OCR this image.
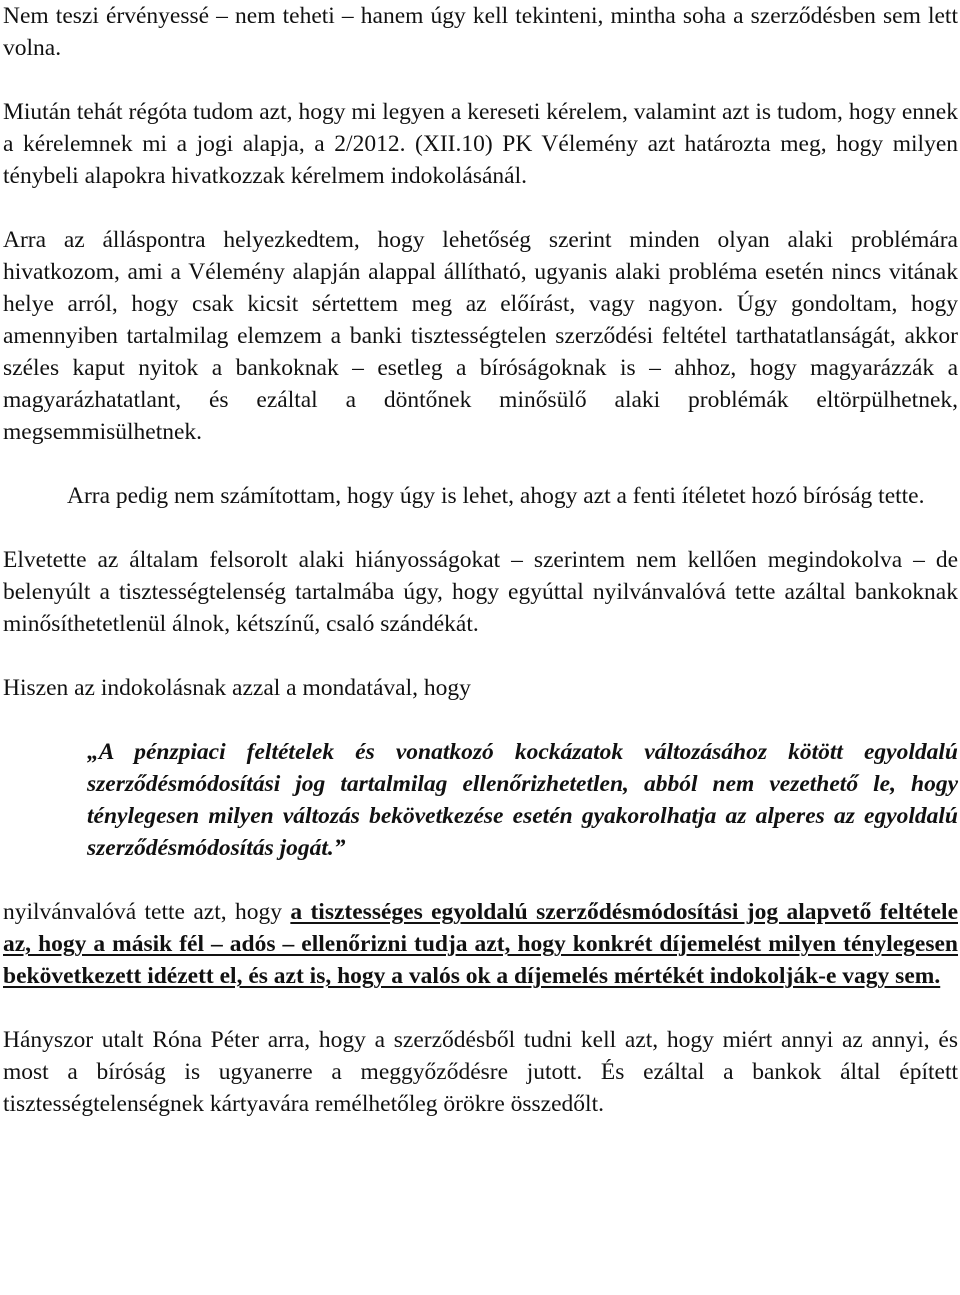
Nem teszi érvényessé – nem teheti – hanem úgy kell tekinteni, mintha soha a szerződésben sem lett volna.

Miután tehát régóta tudom azt, hogy mi legyen a kereseti kérelem, valamint azt is tudom, hogy ennek a kérelemnek mi a jogi alapja, a 2/2012. (XII.10) PK Vélemény azt határozta meg, hogy milyen ténybeli alapokra hivatkozzak kérelmem indokolásánál.

Arra az álláspontra helyezkedtem, hogy lehetőség szerint minden olyan alaki problémára hivatkozom, ami a Vélemény alapján alappal állítható, ugyanis alaki probléma esetén nincs vitának helye arról, hogy csak kicsit sértettem meg az előírást, vagy nagyon. Úgy gondoltam, hogy amennyiben tartalmilag elemzem a banki tisztességtelen szerződési feltétel tarthatatlanságát, akkor széles kaput nyitok a bankoknak – esetleg a bíróságoknak is – ahhoz, hogy magyarázzák a magyarázhatatlant, és ezáltal a döntőnek minősülő alaki problémák eltörpülhetnek, megsemmisülhetnek.

Arra pedig nem számítottam, hogy úgy is lehet, ahogy azt a fenti ítéletet hozó bíróság tette.

Elvetette az általam felsorolt alaki hiányosságokat – szerintem nem kellően megindokolva – de belenyúlt a tisztességtelenség tartalmába úgy, hogy egyúttal nyilvánvalóvá tette azáltal bankoknak minősíthetetlenül álnok, kétszínű, csaló szándékát.

Hiszen az indokolásnak azzal a mondatával, hogy

„A pénzpiaci feltételek és vonatkozó kockázatok változásához kötött egyoldalú szerződésmódosítási jog tartalmilag ellenőrizhetetlen, abból nem vezethető le, hogy ténylegesen milyen változás bekövetkezése esetén gyakorolhatja az alperes az egyoldalú szerződésmódosítás jogát.”

nyilvánvalóvá tette azt, hogy a tisztességes egyoldalú szerződésmódosítási jog alapvető feltétele az, hogy a másik fél – adós – ellenőrizni tudja azt, hogy konkrét díjemelést milyen ténylegesen bekövetkezett idézett el, és azt is, hogy a valós ok a díjemelés mértékét indokolják-e vagy sem.

Hányszor utalt Róna Péter arra, hogy a szerződésből tudni kell azt, hogy miért annyi az annyi, és most a bíróság is ugyanerre a meggyőződésre jutott. És ezáltal a bankok által épített tisztességtelenségnek kártyavára remélhetőleg örökre összedőlt.
